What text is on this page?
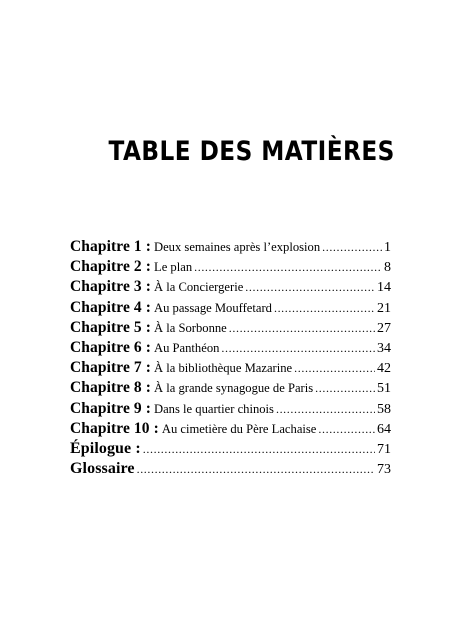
TABLE DES MATIÈRES
Chapitre 1 : Deux semaines après l’explosion .....	1
Chapitre 2 : Le plan .....	8
Chapitre 3 : À la Conciergerie .....	14
Chapitre 4 : Au passage Mouffetard .....	21
Chapitre 5 : À la Sorbonne .....	27
Chapitre 6 : Au Panthéon .....	34
Chapitre 7 : À la bibliothèque Mazarine .....	42
Chapitre 8 : À la grande synagogue de Paris .....	51
Chapitre 9 : Dans le quartier chinois .....	58
Chapitre 10 : Au cimetière du Père Lachaise .....	64
Épilogue : .....	71
Glossaire .....	73
